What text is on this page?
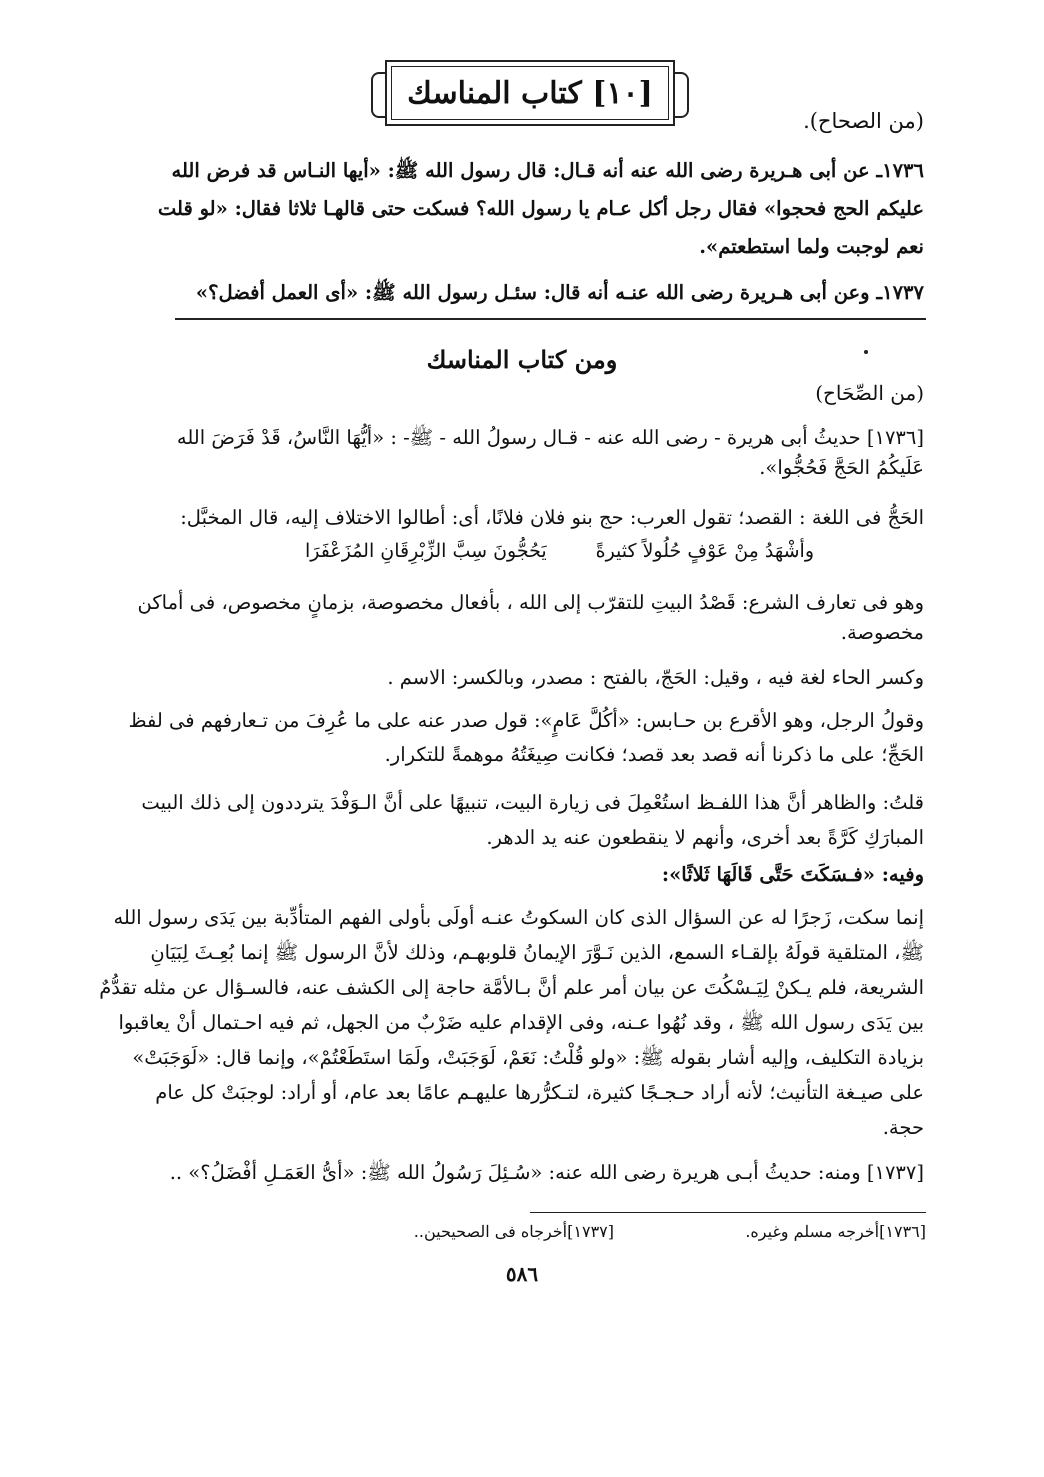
[١٠] كتاب المناسك
(من الصحاح).
١٧٣٦ـ عن أبى هـريرة رضى الله عنه أنه قـال: قال رسول الله ﷺ: «أيها النـاس قد فرض الله
عليكم الحج فحجوا» فقال رجل أكل عـام يا رسول الله؟ فسكت حتى قالهـا ثلاثا فقال: «لو قلت
نعم لوجبت ولما استطعتم».
١٧٣٧ـ وعن أبى هـريرة رضى الله عنـه أنه قال: سئـل رسول الله ﷺ: «أى العمل أفضل؟»
ومن كتاب المناسك
(من الصِّحَاح)
[١٧٣٦] حديثُ أبى هريرة - رضى الله عنه - قـال رسولُ الله - ﷺ- : «أيُّهَا النَّاسُ، قَدْ فَرَضَ الله
عَلَيكُمُ الحَجَّ فَحُجُّوا».
الحَجُّ فى اللغة : القصد؛ تقول العرب: حج بنو فلان فلانًا، أى: أطالوا الاختلاف إليه، قال المخبَّل:
وأشْهَدُ مِنْ عَوْفٍ حُلُولاً كثيرةً
يَحُجُّونَ سِبَّ الزِّبْرِقَانِ المُزَعْفَرَا
وهو فى تعارف الشرع: قَصْدُ البيتِ للتقرّب إلى الله ، بأفعال مخصوصة، بزمانٍ مخصوص، فى أماكن
مخصوصة.
وكسر الحاء لغة فيه ، وقيل: الحَجّ، بالفتح : مصدر، وبالكسر: الاسم .
وقولُ الرجل، وهو الأقرع بن حـابس: «أكُلَّ عَامٍ»: قول صدر عنه على ما عُرِفَ من تـعارفهم فى لفظ
الحَجِّ؛ على ما ذكرنا أنه قصد بعد قصد؛ فكانت صِيغَتُهُ موهمةً للتكرار.
قلتُ: والظاهر أنَّ هذا اللفـظ استُعْمِلَ فى زيارة البيت، تنبيهًا على أنَّ الـوَفْدَ يترددون إلى ذلك البيت
المبارَكِ كَرَّةً بعد أخرى، وأنهم لا ينقطعون عنه يد الدهر.
وفيه: «فـسَكَتَ حَتَّى قَالَهَا ثَلاثًا»:
إنما سكت، زَجرًا له عن السؤال الذى كان السكوتُ عنـه أولَى بأولى الفهم المتأدِّبة بين يَدَى رسول الله
ﷺ، المتلقية قولَهُ بإلقـاء السمع، الذين نَـوَّرَ الإيمانُ قلوبهـم، وذلك لأنَّ الرسول ﷺ إنما بُعِـثَ لِبَيَانِ
الشريعة، فلم يـكنْ لِيَـسْكُتَ عن بيان أمر علم أنَّ بـالأمَّة حاجة إلى الكشف عنه، فالسـؤال عن مثله تقدُّمٌ
بين يَدَى رسول الله ﷺ ، وقد نُهُوا عـنه، وفى الإقدام عليه ضَرْبٌ من الجهل، ثم فيه احـتمال أنْ يعاقبوا
بزيادة التكليف، وإليه أشار بقوله ﷺ: «ولو قُلْتُ: نَعَمْ، لَوَجَبَتْ، ولَمَا استَطَعْتُمْ»، وإنما قال: «لَوَجَبَتْ»
على صيـغة التأنيث؛ لأنه أراد حـجـجًا كثيرة، لتـكرُّرها عليهـم عامًا بعد عام، أو أراد: لوجبَتْ كل عام
حجة.
[١٧٣٧] ومنه: حديثُ أبـى هريرة رضى الله عنه: «سُـئِلَ رَسُولُ الله ﷺ: «أىُّ العَمَـلِ أفْضَلُ؟» ..
[١٧٣٦]أخرجه مسلم وغيره.
[١٧٣٧]أخرجاه فى الصحيحين..
٥٨٦
